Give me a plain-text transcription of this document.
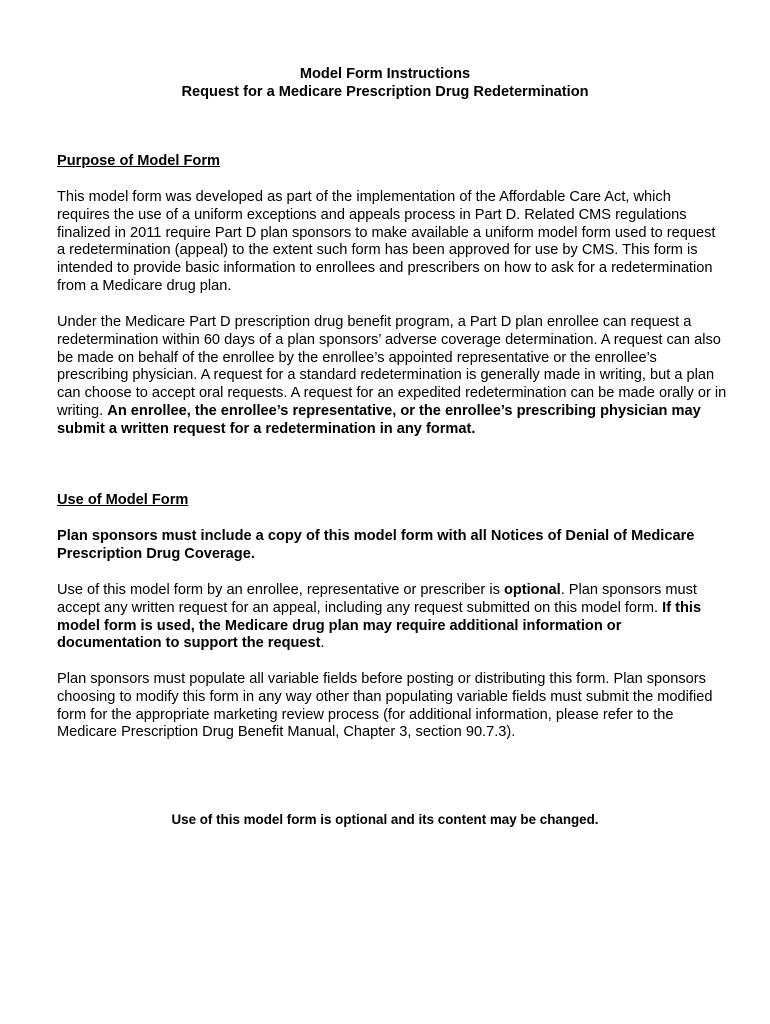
Model Form Instructions
Request for a Medicare Prescription Drug Redetermination

Purpose of Model Form

This model form was developed as part of the implementation of the Affordable Care Act, which requires the use of a uniform exceptions and appeals process in Part D. Related CMS regulations finalized in 2011 require Part D plan sponsors to make available a uniform model form used to request a redetermination (appeal) to the extent such form has been approved for use by CMS. This form is intended to provide basic information to enrollees and prescribers on how to ask for a redetermination from a Medicare drug plan.

Under the Medicare Part D prescription drug benefit program, a Part D plan enrollee can request a redetermination within 60 days of a plan sponsors’ adverse coverage determination. A request can also be made on behalf of the enrollee by the enrollee’s appointed representative or the enrollee’s prescribing physician. A request for a standard redetermination is generally made in writing, but a plan can choose to accept oral requests. A request for an expedited redetermination can be made orally or in writing. An enrollee, the enrollee’s representative, or the enrollee’s prescribing physician may submit a written request for a redetermination in any format.

Use of Model Form

Plan sponsors must include a copy of this model form with all Notices of Denial of Medicare Prescription Drug Coverage.

Use of this model form by an enrollee, representative or prescriber is optional. Plan sponsors must accept any written request for an appeal, including any request submitted on this model form. If this model form is used, the Medicare drug plan may require additional information or documentation to support the request.

Plan sponsors must populate all variable fields before posting or distributing this form. Plan sponsors choosing to modify this form in any way other than populating variable fields must submit the modified form for the appropriate marketing review process (for additional information, please refer to the Medicare Prescription Drug Benefit Manual, Chapter 3, section 90.7.3).

Use of this model form is optional and its content may be changed.
